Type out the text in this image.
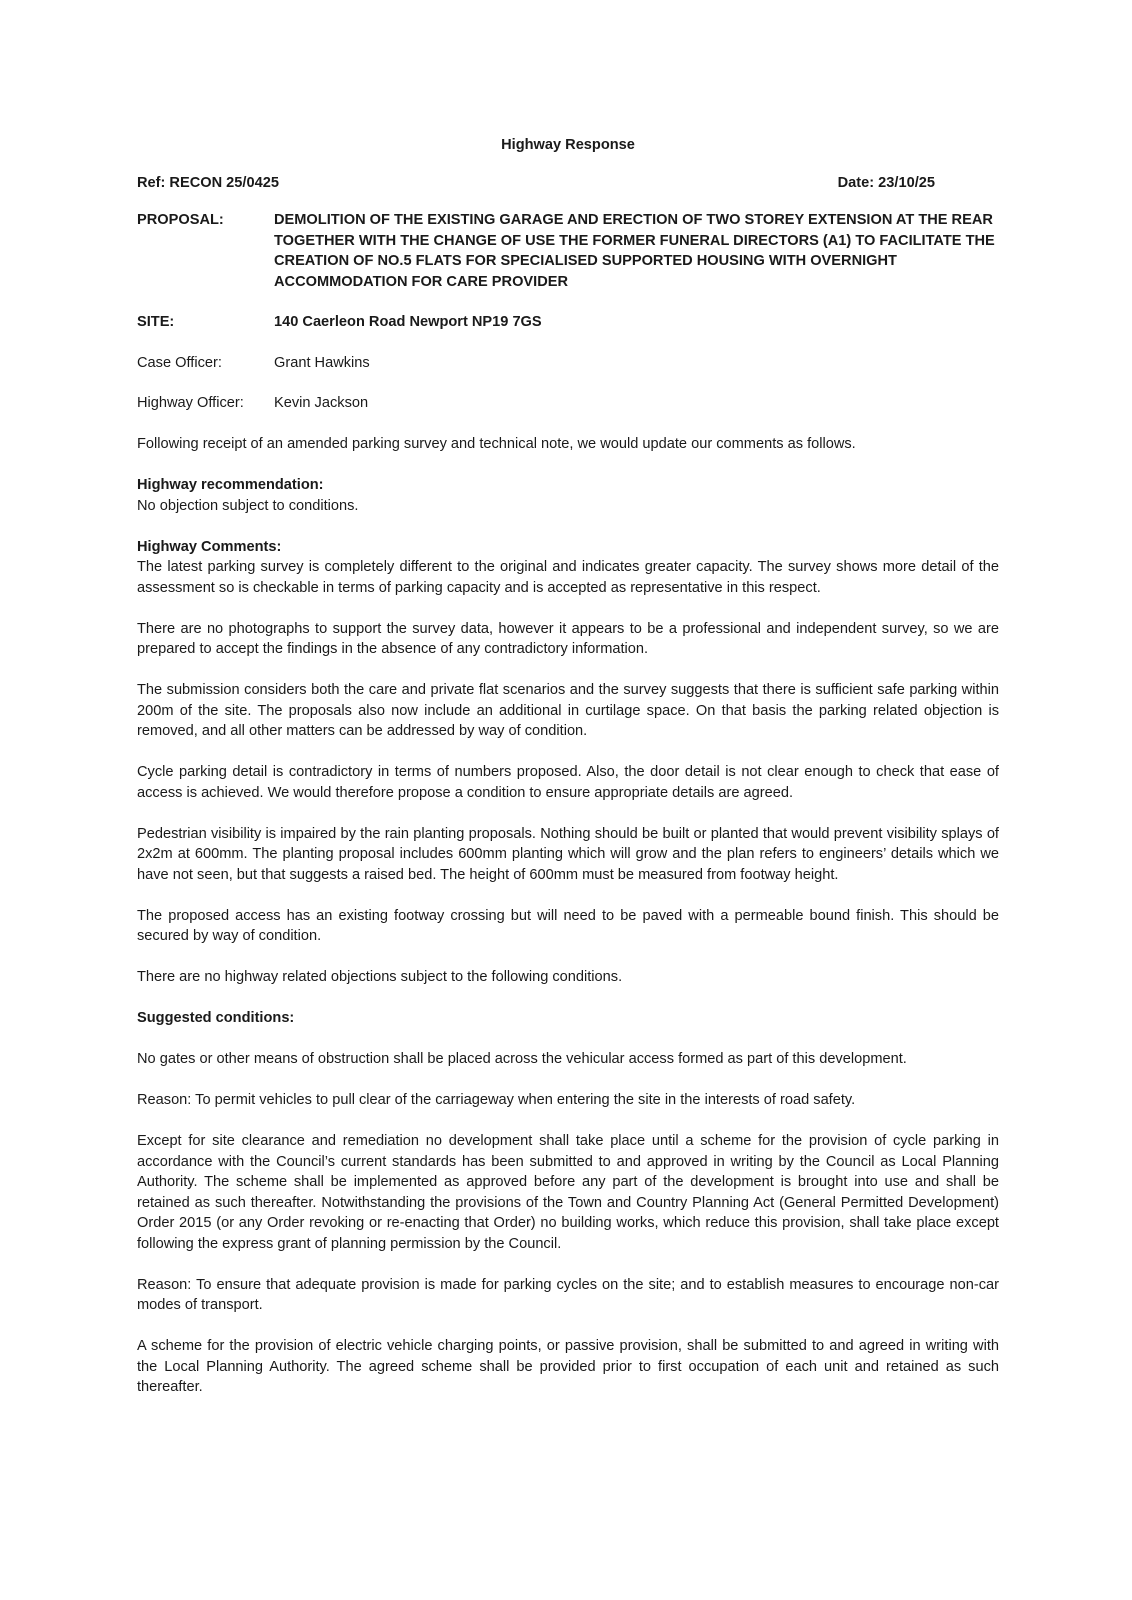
Highway Response
Ref: RECON 25/0425	Date: 23/10/25
PROPOSAL:	DEMOLITION OF THE EXISTING GARAGE AND ERECTION OF TWO STOREY EXTENSION AT THE REAR TOGETHER WITH THE CHANGE OF USE THE FORMER FUNERAL DIRECTORS (A1) TO FACILITATE THE CREATION OF NO.5 FLATS FOR SPECIALISED SUPPORTED HOUSING WITH OVERNIGHT ACCOMMODATION FOR CARE PROVIDER
SITE:	140 Caerleon Road Newport NP19 7GS
Case Officer:	Grant Hawkins
Highway Officer:	Kevin Jackson

Following receipt of an amended parking survey and technical note, we would update our comments as follows.

Highway recommendation:

No objection subject to conditions.

Highway Comments:

The latest parking survey is completely different to the original and indicates greater capacity. The survey shows more detail of the assessment so is checkable in terms of parking capacity and is accepted as representative in this respect.

There are no photographs to support the survey data, however it appears to be a professional and independent survey, so we are prepared to accept the findings in the absence of any contradictory information.

The submission considers both the care and private flat scenarios and the survey suggests that there is sufficient safe parking within 200m of the site. The proposals also now include an additional in curtilage space. On that basis the parking related objection is removed, and all other matters can be addressed by way of condition.

Cycle parking detail is contradictory in terms of numbers proposed. Also, the door detail is not clear enough to check that ease of access is achieved. We would therefore propose a condition to ensure appropriate details are agreed.

Pedestrian visibility is impaired by the rain planting proposals. Nothing should be built or planted that would prevent visibility splays of 2x2m at 600mm. The planting proposal includes 600mm planting which will grow and the plan refers to engineers’ details which we have not seen, but that suggests a raised bed. The height of 600mm must be measured from footway height.

The proposed access has an existing footway crossing but will need to be paved with a permeable bound finish. This should be secured by way of condition.

There are no highway related objections subject to the following conditions.

Suggested conditions:

No gates or other means of obstruction shall be placed across the vehicular access formed as part of this development.

Reason: To permit vehicles to pull clear of the carriageway when entering the site in the interests of road safety.

Except for site clearance and remediation no development shall take place until a scheme for the provision of cycle parking in accordance with the Council’s current standards has been submitted to and approved in writing by the Council as Local Planning Authority. The scheme shall be implemented as approved before any part of the development is brought into use and shall be retained as such thereafter. Notwithstanding the provisions of the Town and Country Planning Act (General Permitted Development) Order 2015 (or any Order revoking or re-enacting that Order) no building works, which reduce this provision, shall take place except following the express grant of planning permission by the Council.

Reason: To ensure that adequate provision is made for parking cycles on the site; and to establish measures to encourage non-car modes of transport.

A scheme for the provision of electric vehicle charging points, or passive provision, shall be submitted to and agreed in writing with the Local Planning Authority. The agreed scheme shall be provided prior to first occupation of each unit and retained as such thereafter.
